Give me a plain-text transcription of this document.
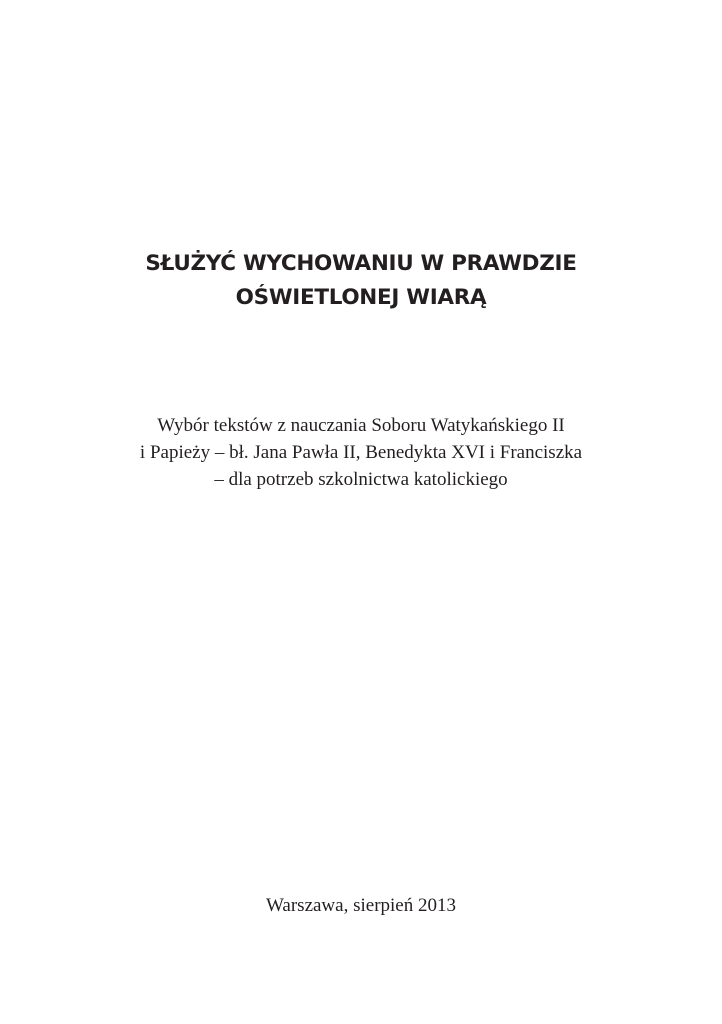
SŁUŻYĆ WYCHOWANIU W PRAWDZIE
OŚWIETLONEJ WIARĄ
Wybór tekstów z nauczania Soboru Watykańskiego II
i Papieży – bł. Jana Pawła II, Benedykta XVI i Franciszka
– dla potrzeb szkolnictwa katolickiego
Warszawa, sierpień 2013
